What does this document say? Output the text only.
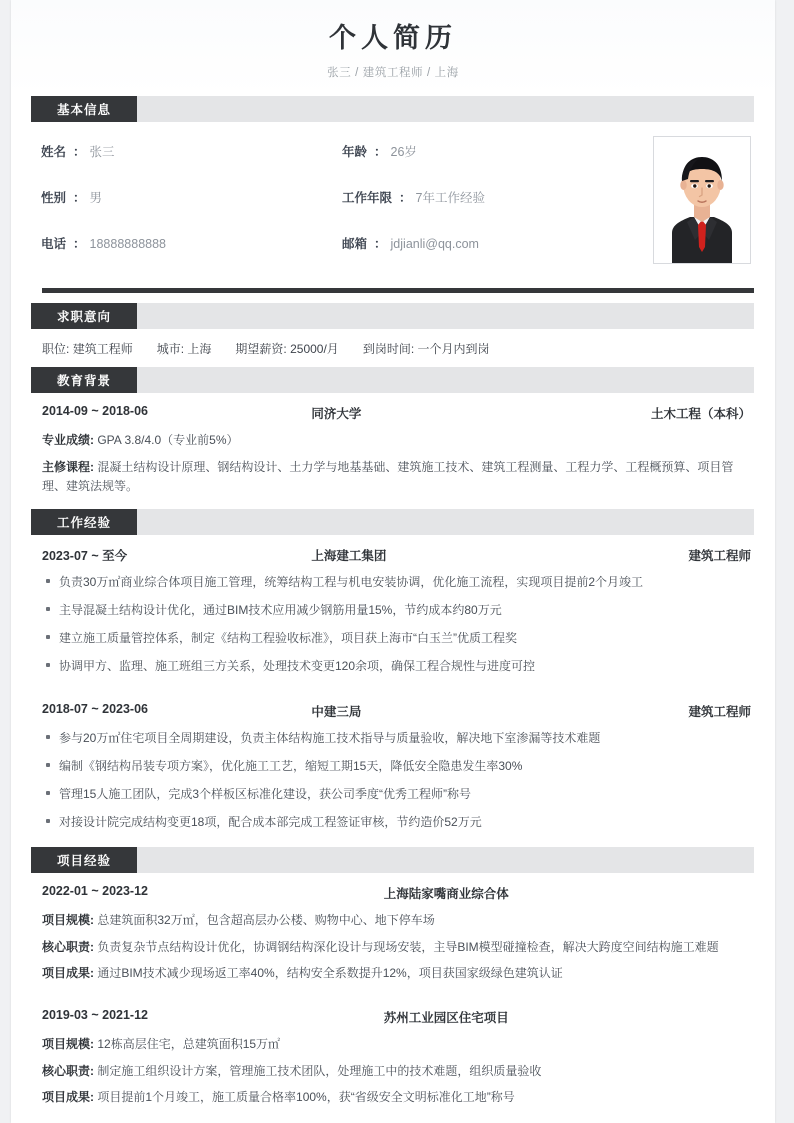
个人简历
张三 / 建筑工程师 / 上海
基本信息
姓名 ： 张三	年龄 ： 26岁
性别 ： 男	工作年限 ： 7年工作经验
电话 ： 18888888888	邮箱 ： jdjianli@qq.com
求职意向
职位: 建筑工程师 城市: 上海 期望薪资: 25000/月 到岗时间: 一个月内到岗
教育背景
2014-09 ~ 2018-06	同济大学	土木工程（本科）

专业成绩: GPA 3.8/4.0（专业前5%）

主修课程: 混凝土结构设计原理、钢结构设计、土力学与地基基础、建筑施工技术、建筑工程测量、工程力学、工程概预算、项目管理、建筑法规等。

工作经验
2023-07 ~ 至今	上海建工集团	建筑工程师
负责30万㎡商业综合体项目施工管理，统筹结构工程与机电安装协调，优化施工流程，实现项目提前2个月竣工
主导混凝土结构设计优化，通过BIM技术应用减少钢筋用量15%，节约成本约80万元
建立施工质量管控体系，制定《结构工程验收标准》，项目获上海市“白玉兰”优质工程奖
协调甲方、监理、施工班组三方关系，处理技术变更120余项，确保工程合规性与进度可控
2018-07 ~ 2023-06	中建三局	建筑工程师
参与20万㎡住宅项目全周期建设，负责主体结构施工技术指导与质量验收，解决地下室渗漏等技术难题
编制《钢结构吊装专项方案》，优化施工工艺，缩短工期15天，降低安全隐患发生率30%
管理15人施工团队，完成3个样板区标准化建设，获公司季度“优秀工程师”称号
对接设计院完成结构变更18项，配合成本部完成工程签证审核，节约造价52万元
项目经验
2022-01 ~ 2023-12	上海陆家嘴商业综合体

项目规模: 总建筑面积32万㎡，包含超高层办公楼、购物中心、地下停车场

核心职责: 负责复杂节点结构设计优化，协调钢结构深化设计与现场安装，主导BIM模型碰撞检查，解决大跨度空间结构施工难题

项目成果: 通过BIM技术减少现场返工率40%，结构安全系数提升12%，项目获国家级绿色建筑认证

2019-03 ~ 2021-12	苏州工业园区住宅项目

项目规模: 12栋高层住宅，总建筑面积15万㎡

核心职责: 制定施工组织设计方案，管理施工技术团队，处理施工中的技术难题，组织质量验收

项目成果: 项目提前1个月竣工，施工质量合格率100%，获“省级安全文明标准化工地”称号
